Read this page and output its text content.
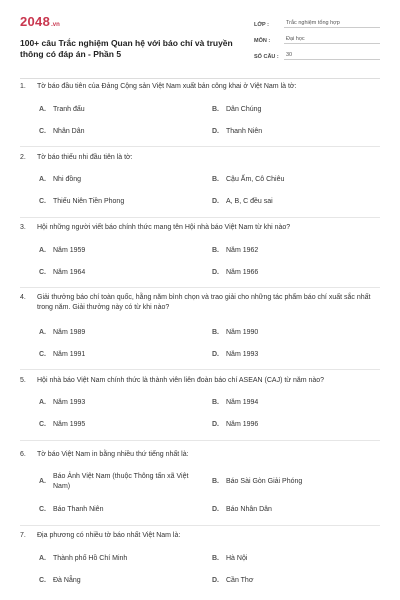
2048 .vn
100+ câu Trắc nghiệm Quan hệ với báo chí và truyền thông có đáp án - Phần 5
LỚP :	Trắc nghiệm tổng hợp
MÔN :	Đại học
SỐ CÂU :	30
1.	Tờ báo đầu tiên của Đảng Cộng sản Việt Nam xuất bản công khai ở Việt Nam là tờ:
A.	Tranh đấu	B.	Dân Chúng
C.	Nhân Dân	D.	Thanh Niên
2.	Tờ báo thiếu nhi đầu tiên là tờ:
A.	Nhi đồng	B.	Cậu Ấm, Cô Chiêu
C.	Thiếu Niên Tiền Phong	D.	A, B, C đều sai
3.	Hội những người viết báo chính thức mang tên Hội nhà báo Việt Nam từ khi nào?
A.	Năm 1959	B.	Năm 1962
C.	Năm 1964	D.	Năm 1966
4.	Giải thưởng báo chí toàn quốc, hằng năm bình chọn và trao giải cho những tác phẩm báo chí xuất sắc nhất trong năm. Giải thưởng này có từ khi nào?
A.	Năm 1989	B.	Năm 1990
C.	Năm 1991	D.	Năm 1993
5.	Hội nhà báo Việt Nam chính thức là thành viên liên đoàn báo chí ASEAN (CAJ) từ năm nào?
A.	Năm 1993	B.	Năm 1994
C.	Năm 1995	D.	Năm 1996
6.	Tờ báo Việt Nam in bằng nhiều thứ tiếng nhất là:
A.
Báo Ảnh Việt Nam (thuộc Thông tấn xã Việt Nam)
B.	Báo Sài Gòn Giải Phóng
C.	Báo Thanh Niên	D.	Báo Nhân Dân
7.	Địa phương có nhiều tờ báo nhất Việt Nam là:
A.	Thành phố Hồ Chí Minh	B.	Hà Nội
C.	Đà Nẵng	D.	Cần Thơ
